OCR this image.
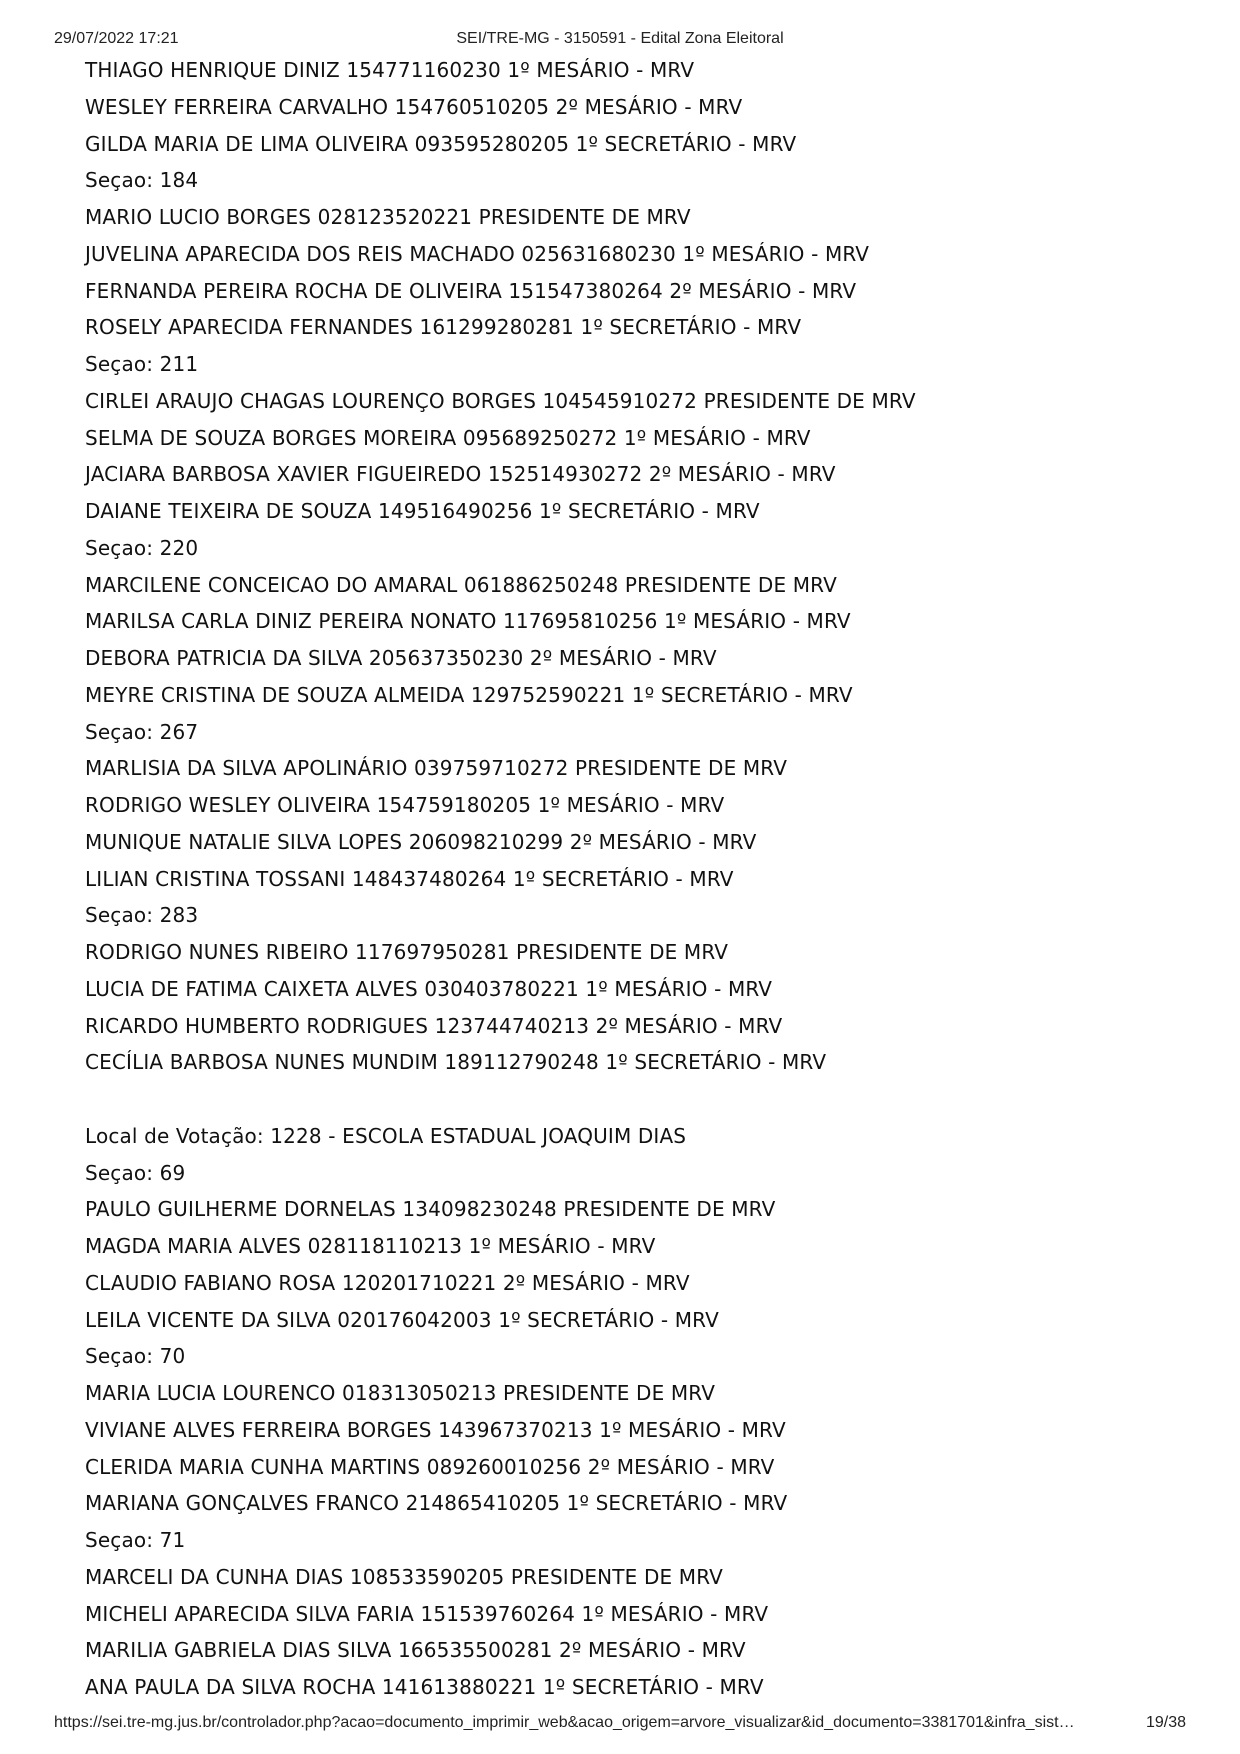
29/07/2022 17:21	SEI/TRE-MG - 3150591 - Edital Zona Eleitoral
THIAGO HENRIQUE DINIZ 154771160230 1º MESÁRIO - MRV
WESLEY FERREIRA CARVALHO 154760510205 2º MESÁRIO - MRV
GILDA MARIA DE LIMA OLIVEIRA 093595280205 1º SECRETÁRIO - MRV
Seçao: 184
MARIO LUCIO BORGES 028123520221 PRESIDENTE DE MRV
JUVELINA APARECIDA DOS REIS MACHADO 025631680230 1º MESÁRIO - MRV
FERNANDA PEREIRA ROCHA DE OLIVEIRA 151547380264 2º MESÁRIO - MRV
ROSELY APARECIDA FERNANDES 161299280281 1º SECRETÁRIO - MRV
Seçao: 211
CIRLEI ARAUJO CHAGAS LOURENÇO BORGES 104545910272 PRESIDENTE DE MRV
SELMA DE SOUZA BORGES MOREIRA 095689250272 1º MESÁRIO - MRV
JACIARA BARBOSA XAVIER FIGUEIREDO 152514930272 2º MESÁRIO - MRV
DAIANE TEIXEIRA DE SOUZA 149516490256 1º SECRETÁRIO - MRV
Seçao: 220
MARCILENE CONCEICAO DO AMARAL 061886250248 PRESIDENTE DE MRV
MARILSA CARLA DINIZ PEREIRA NONATO 117695810256 1º MESÁRIO - MRV
DEBORA PATRICIA DA SILVA 205637350230 2º MESÁRIO - MRV
MEYRE CRISTINA DE SOUZA ALMEIDA 129752590221 1º SECRETÁRIO - MRV
Seçao: 267
MARLISIA DA SILVA APOLINÁRIO 039759710272 PRESIDENTE DE MRV
RODRIGO WESLEY OLIVEIRA 154759180205 1º MESÁRIO - MRV
MUNIQUE NATALIE SILVA LOPES 206098210299 2º MESÁRIO - MRV
LILIAN CRISTINA TOSSANI 148437480264 1º SECRETÁRIO - MRV
Seçao: 283
RODRIGO NUNES RIBEIRO 117697950281 PRESIDENTE DE MRV
LUCIA DE FATIMA CAIXETA ALVES 030403780221 1º MESÁRIO - MRV
RICARDO HUMBERTO RODRIGUES 123744740213 2º MESÁRIO - MRV
CECÍLIA BARBOSA NUNES MUNDIM 189112790248 1º SECRETÁRIO - MRV
Local de Votação: 1228 - ESCOLA ESTADUAL JOAQUIM DIAS
Seçao: 69
PAULO GUILHERME DORNELAS 134098230248 PRESIDENTE DE MRV
MAGDA MARIA ALVES 028118110213 1º MESÁRIO - MRV
CLAUDIO FABIANO ROSA 120201710221 2º MESÁRIO - MRV
LEILA VICENTE DA SILVA 020176042003 1º SECRETÁRIO - MRV
Seçao: 70
MARIA LUCIA LOURENCO 018313050213 PRESIDENTE DE MRV
VIVIANE ALVES FERREIRA BORGES 143967370213 1º MESÁRIO - MRV
CLERIDA MARIA CUNHA MARTINS 089260010256 2º MESÁRIO - MRV
MARIANA GONÇALVES FRANCO 214865410205 1º SECRETÁRIO - MRV
Seçao: 71
MARCELI DA CUNHA DIAS 108533590205 PRESIDENTE DE MRV
MICHELI APARECIDA SILVA FARIA 151539760264 1º MESÁRIO - MRV
MARILIA GABRIELA DIAS SILVA 166535500281 2º MESÁRIO - MRV
ANA PAULA DA SILVA ROCHA 141613880221 1º SECRETÁRIO - MRV
https://sei.tre-mg.jus.br/controlador.php?acao=documento_imprimir_web&acao_origem=arvore_visualizar&id_documento=3381701&infra_sist…	19/38
